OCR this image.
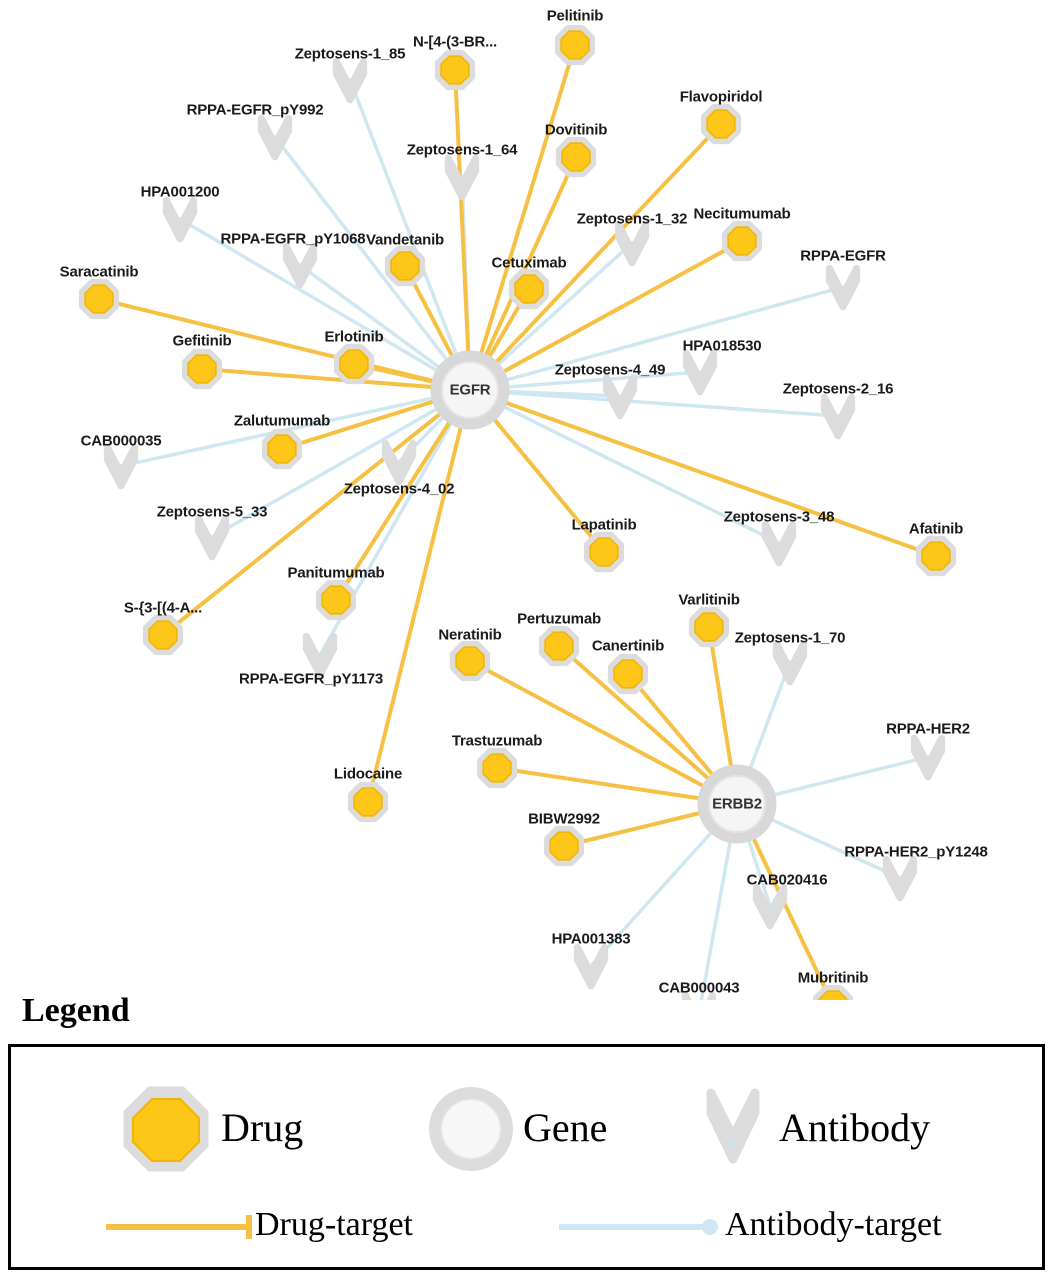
Pelitinib
N-[4-(3-BR...
Flavopiridol
Dovitinib
Necitumumab
Vandetanib
Cetuximab
Saracatinib
Gefitinib	Erlotinib
Zalutumumab
Lapatinib	Afatinib
Panitumumab
Varlitinib
S-{3-[(4-A...
Pertuzumab
Neratinib
Canertinib
Trastuzumab
Lidocaine
BIBW2992
Mubritinib
Zeptosens-1_85
RPPA-EGFR_pY992
Zeptosens-1_64
HPA001200
Zeptosens-1_32
RPPA-EGFR_pY1068
RPPA-EGFR
HPA018530
Zeptosens-4_49
Zeptosens-2_16
CAB000035
Zeptosens-4_02
Zeptosens-5_33	Zeptosens-3_48
Zeptosens-1_70
RPPA-EGFR_pY1173
RPPA-HER2
RPPA-HER2_pY1248
CAB020416
HPA001383
CAB000043
EGFR
ERBB2
Legend
Drug	Gene	Antibody
Drug-target	Antibody-target
